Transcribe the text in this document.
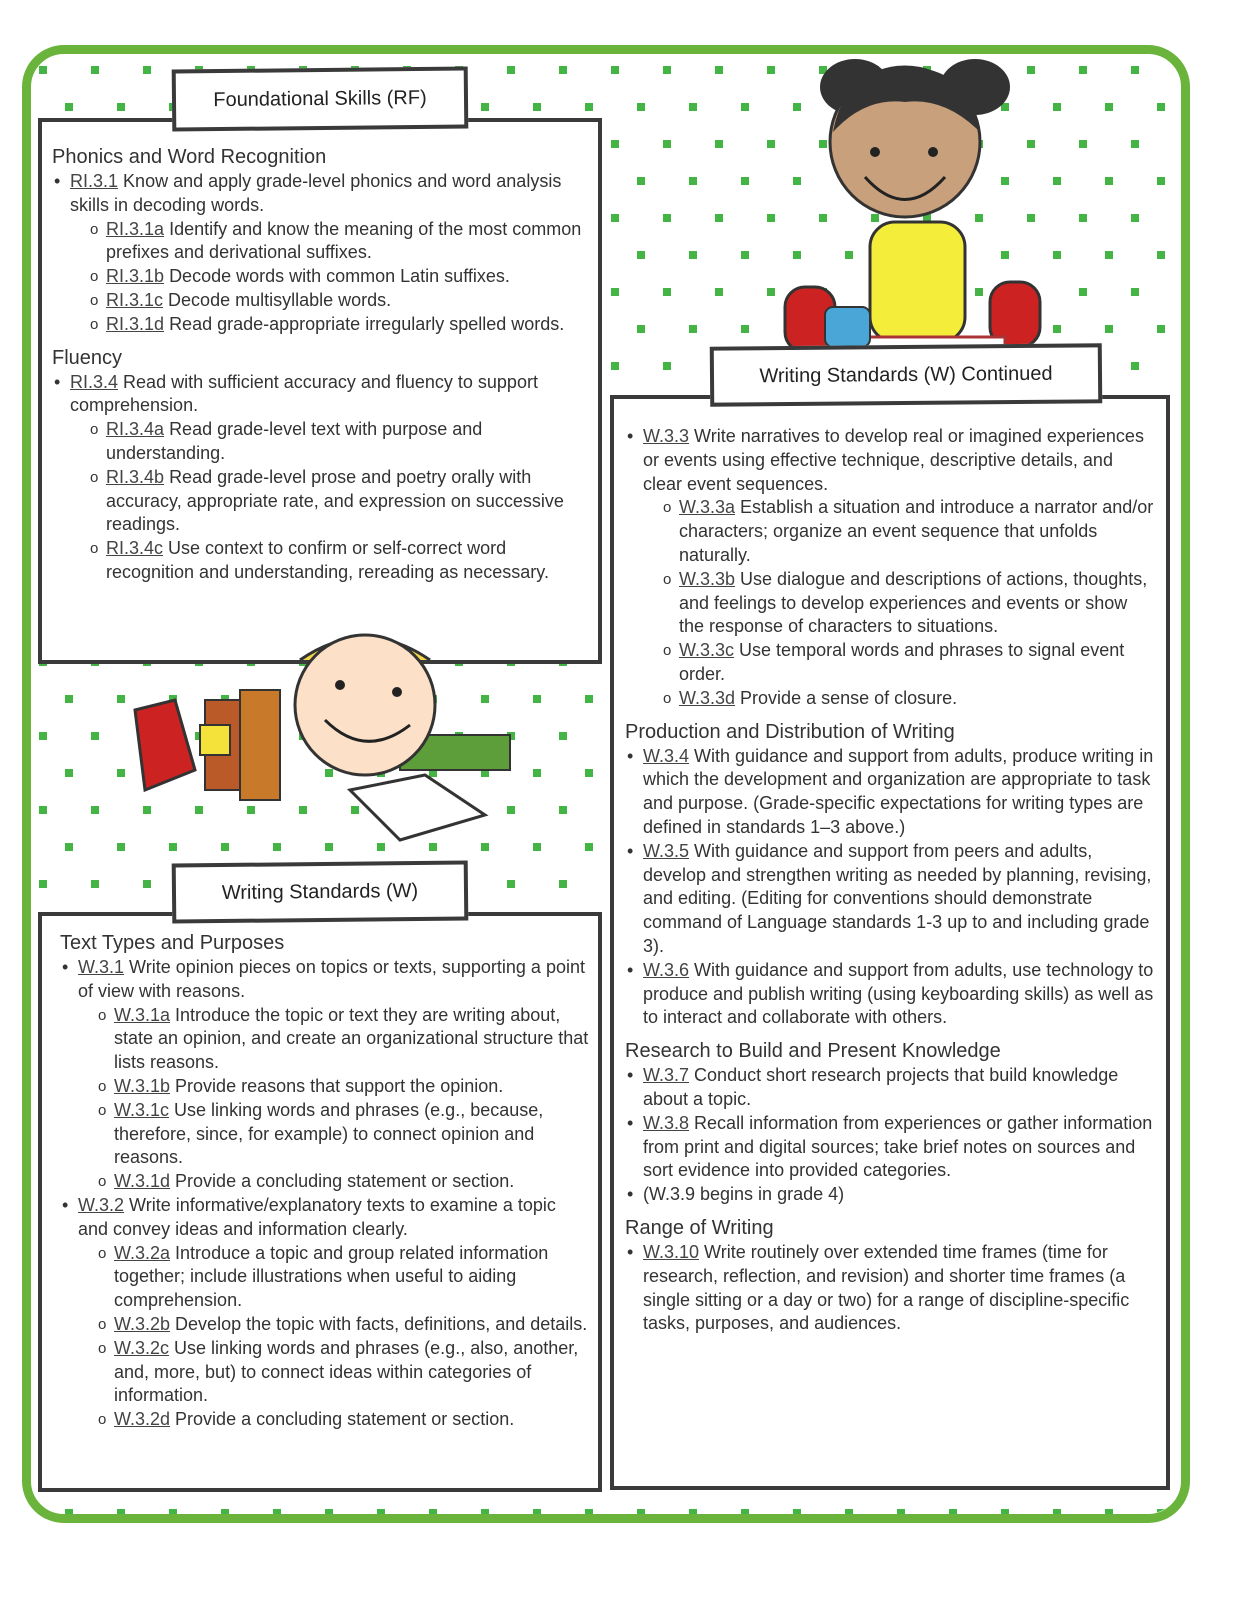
Foundational Skills (RF)
Phonics and Word Recognition
• RI.3.1 Know and apply grade-level phonics and word analysis skills in decoding words.
o RI.3.1a Identify and know the meaning of the most common prefixes and derivational suffixes.
o RI.3.1b Decode words with common Latin suffixes.
o RI.3.1c Decode multisyllable words.
o RI.3.1d Read grade-appropriate irregularly spelled words.
Fluency
• RI.3.4 Read with sufficient accuracy and fluency to support comprehension.
o RI.3.4a Read grade-level text with purpose and understanding.
o RI.3.4b Read grade-level prose and poetry orally with accuracy, appropriate rate, and expression on successive readings.
o RI.3.4c Use context to confirm or self-correct word recognition and understanding, rereading as necessary.
Writing Standards (W)
Text Types and Purposes
• W.3.1 Write opinion pieces on topics or texts, supporting a point of view with reasons.
o W.3.1a Introduce the topic or text they are writing about, state an opinion, and create an organizational structure that lists reasons.
o W.3.1b Provide reasons that support the opinion.
o W.3.1c Use linking words and phrases (e.g., because, therefore, since, for example) to connect opinion and reasons.
o W.3.1d Provide a concluding statement or section.
• W.3.2 Write informative/explanatory texts to examine a topic and convey ideas and information clearly.
o W.3.2a Introduce a topic and group related information together; include illustrations when useful to aiding comprehension.
o W.3.2b Develop the topic with facts, definitions, and details.
o W.3.2c Use linking words and phrases (e.g., also, another, and, more, but) to connect ideas within categories of information.
o W.3.2d Provide a concluding statement or section.
Writing Standards (W) Continued
• W.3.3 Write narratives to develop real or imagined experiences or events using effective technique, descriptive details, and clear event sequences.
o W.3.3a Establish a situation and introduce a narrator and/or characters; organize an event sequence that unfolds naturally.
o W.3.3b Use dialogue and descriptions of actions, thoughts, and feelings to develop experiences and events or show the response of characters to situations.
o W.3.3c Use temporal words and phrases to signal event order.
o W.3.3d Provide a sense of closure.
Production and Distribution of Writing
• W.3.4 With guidance and support from adults, produce writing in which the development and organization are appropriate to task and purpose. (Grade-specific expectations for writing types are defined in standards 1–3 above.)
• W.3.5 With guidance and support from peers and adults, develop and strengthen writing as needed by planning, revising, and editing. (Editing for conventions should demonstrate command of Language standards 1-3 up to and including grade 3).
• W.3.6 With guidance and support from adults, use technology to produce and publish writing (using keyboarding skills) as well as to interact and collaborate with others.
Research to Build and Present Knowledge
• W.3.7 Conduct short research projects that build knowledge about a topic.
• W.3.8 Recall information from experiences or gather information from print and digital sources; take brief notes on sources and sort evidence into provided categories.
• (W.3.9 begins in grade 4)
Range of Writing
• W.3.10 Write routinely over extended time frames (time for research, reflection, and revision) and shorter time frames (a single sitting or a day or two) for a range of discipline-specific tasks, purposes, and audiences.
